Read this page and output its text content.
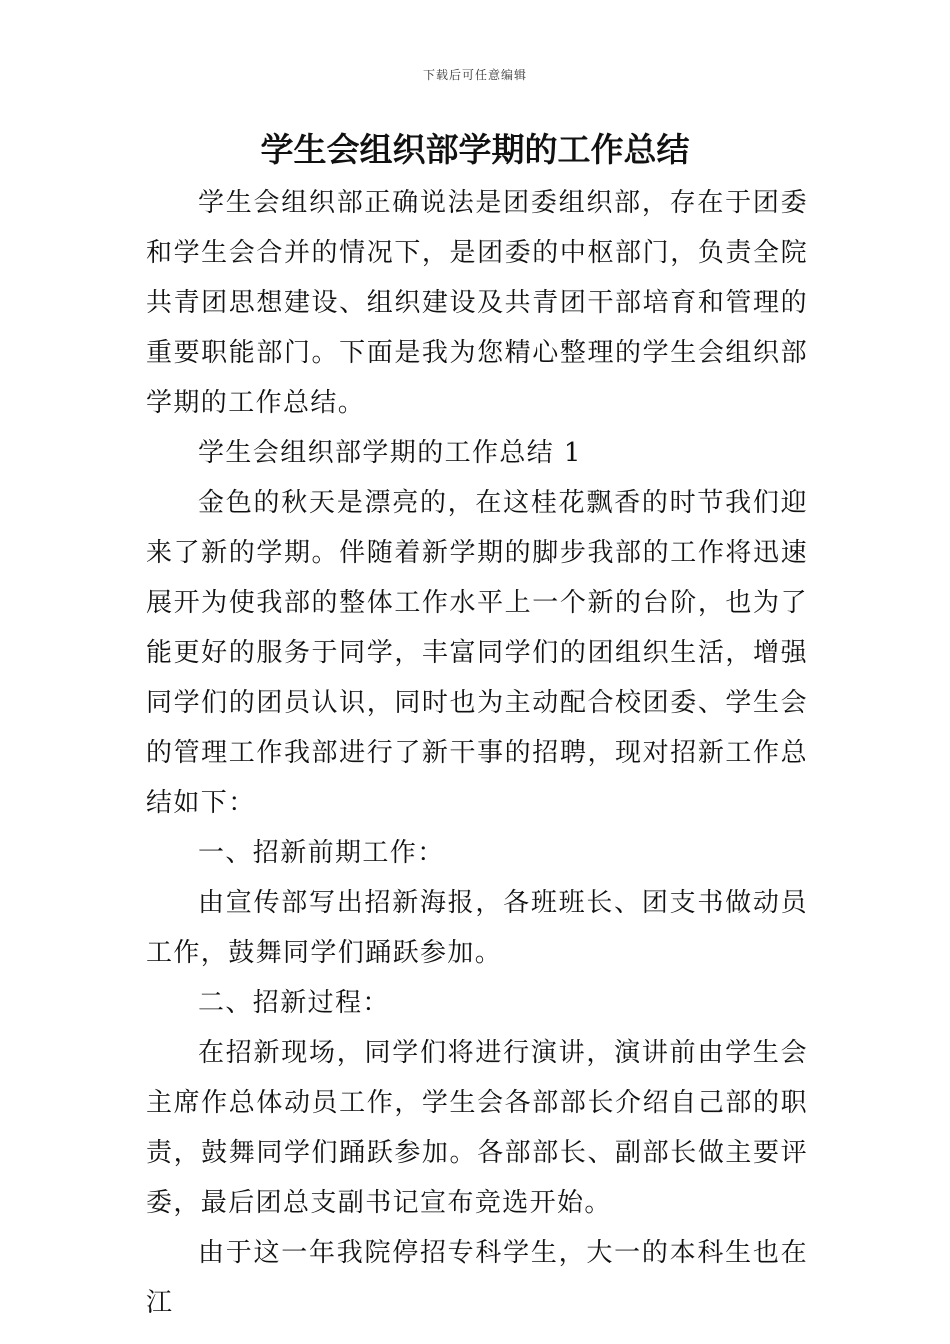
下载后可任意编辑
学生会组织部学期的工作总结

学生会组织部正确说法是团委组织部，存在于团委和学生会合并的情况下，是团委的中枢部门，负责全院共青团思想建设、组织建设及共青团干部培育和管理的重要职能部门。下面是我为您精心整理的学生会组织部学期的工作总结。

学生会组织部学期的工作总结 1

金色的秋天是漂亮的，在这桂花飘香的时节我们迎来了新的学期。伴随着新学期的脚步我部的工作将迅速展开为使我部的整体工作水平上一个新的台阶，也为了能更好的服务于同学，丰富同学们的团组织生活，增强同学们的团员认识，同时也为主动配合校团委、学生会的管理工作我部进行了新干事的招聘，现对招新工作总结如下：

一、招新前期工作：

由宣传部写出招新海报，各班班长、团支书做动员工作，鼓舞同学们踊跃参加。

二、招新过程：

在招新现场，同学们将进行演讲，演讲前由学生会主席作总体动员工作，学生会各部部长介绍自己部的职责，鼓舞同学们踊跃参加。各部部长、副部长做主要评委，最后团总支副书记宣布竞选开始。

由于这一年我院停招专科学生，大一的本科生也在江
